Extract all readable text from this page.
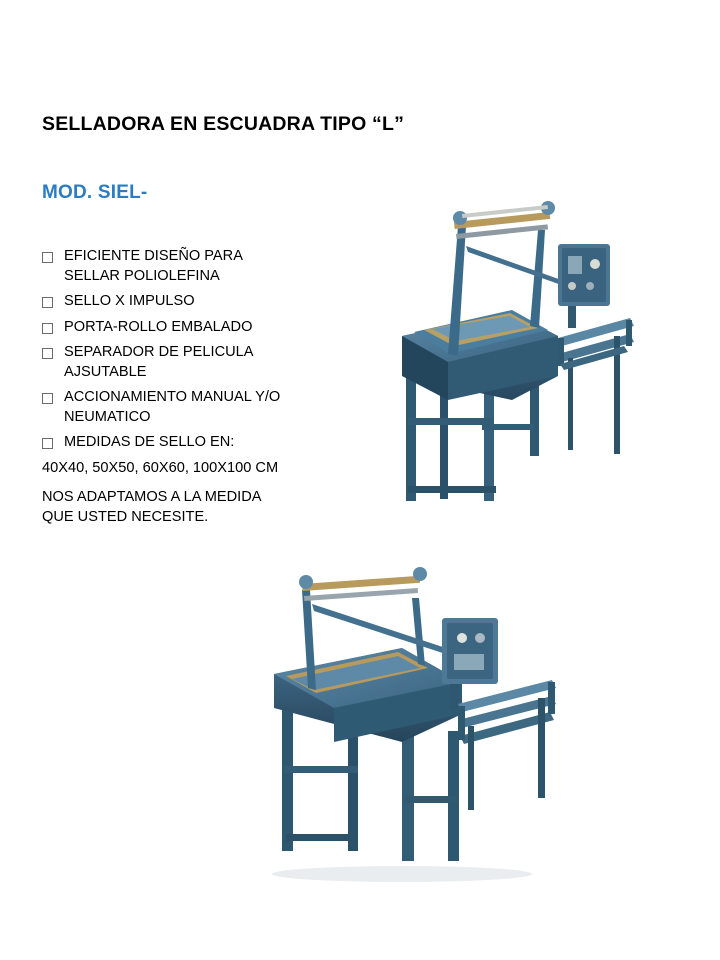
SELLADORA EN ESCUADRA TIPO “L”
MOD. SIEL-
EFICIENTE DISEÑO PARA SELLAR POLIOLEFINA
SELLO X IMPULSO
PORTA-ROLLO EMBALADO
SEPARADOR DE PELICULA AJSUTABLE
ACCIONAMIENTO MANUAL Y/O NEUMATICO
MEDIDAS DE SELLO EN:
40X40, 50X50, 60X60, 100X100 CM
NOS ADAPTAMOS A LA MEDIDA QUE USTED NECESITE.
